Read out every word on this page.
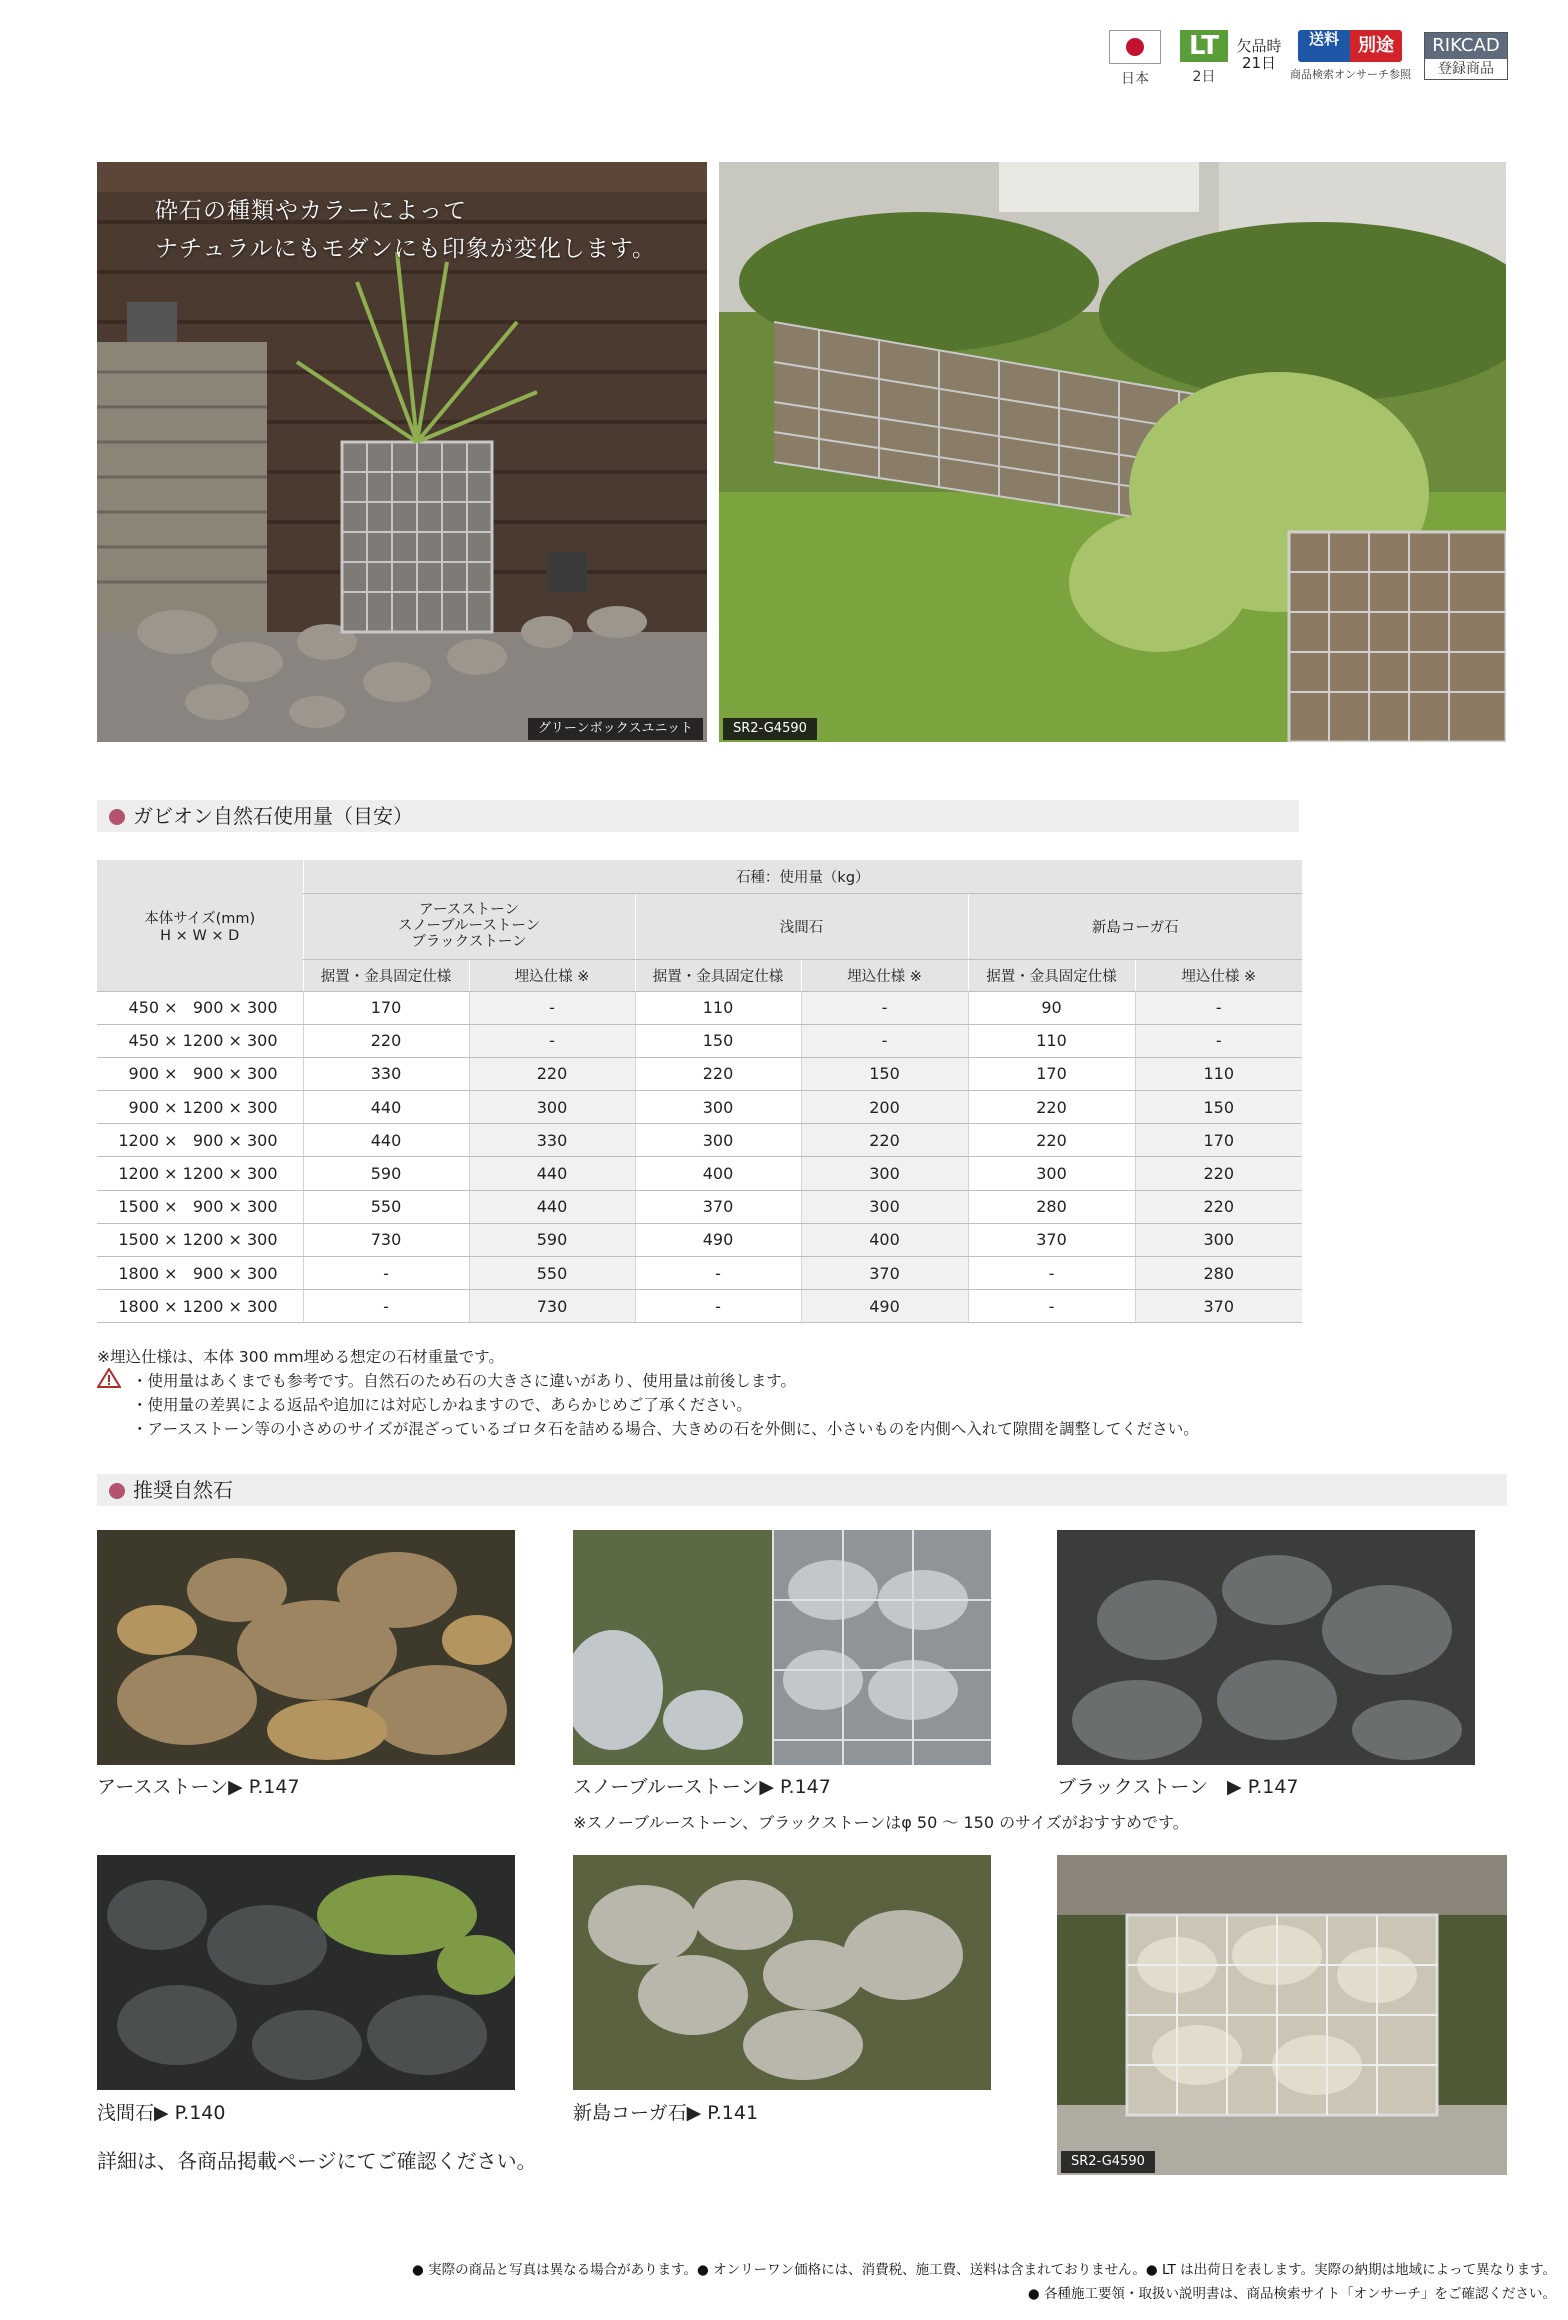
日本
LT
2日
欠品時
21日
送料	別途
商品検索オンサーチ参照
RIKCAD
登録商品
砕石の種類やカラーによって
ナチュラルにもモダンにも印象が変化します。
グリーンボックスユニット	SR2-G4590
ガビオン自然石使用量（目安）
本体サイズ(mm)
H × W × D	石種：使用量（kg）					

	アースストーン
スノーブルーストーン
ブラックストーン		浅間石		新島コーガ石	
	据置・金具固定仕様	埋込仕様 ※	据置・金具固定仕様	埋込仕様 ※	据置・金具固定仕様	埋込仕様 ※
450 ×   900 × 300	170	-	110	-	90	-
450 × 1200 × 300	220	-	150	-	110	-
900 ×   900 × 300	330	220	220	150	170	110
900 × 1200 × 300	440	300	300	200	220	150
1200 ×   900 × 300	440	330	300	220	220	170
1200 × 1200 × 300	590	440	400	300	300	220
1500 ×   900 × 300	550	440	370	300	280	220
1500 × 1200 × 300	730	590	490	400	370	300
1800 ×   900 × 300	-	550	-	370	-	280
1800 × 1200 × 300	-	730	-	490	-	370
※埋込仕様は、本体 300 mm埋める想定の石材重量です。
・使用量はあくまでも参考です。自然石のため石の大きさに違いがあり、使用量は前後します。
・使用量の差異による返品や追加には対応しかねますので、あらかじめご了承ください。
・アースストーン等の小さめのサイズが混ざっているゴロタ石を詰める場合、大きめの石を外側に、小さいものを内側へ入れて隙間を調整してください。
推奨自然石
アースストーン▶ P.147	スノーブルーストーン▶ P.147	ブラックストーン　▶ P.147
※スノーブルーストーン、ブラックストーンはφ 50 ～ 150 のサイズがおすすめです。
浅間石▶ P.140	新島コーガ石▶ P.141
SR2-G4590
詳細は、各商品掲載ページにてご確認ください。
● 実際の商品と写真は異なる場合があります。● オンリーワン価格には、消費税、施工費、送料は含まれておりません。● LT は出荷日を表します。実際の納期は地域によって異なります。
● 各種施工要領・取扱い説明書は、商品検索サイト「オンサーチ」をご確認ください。
